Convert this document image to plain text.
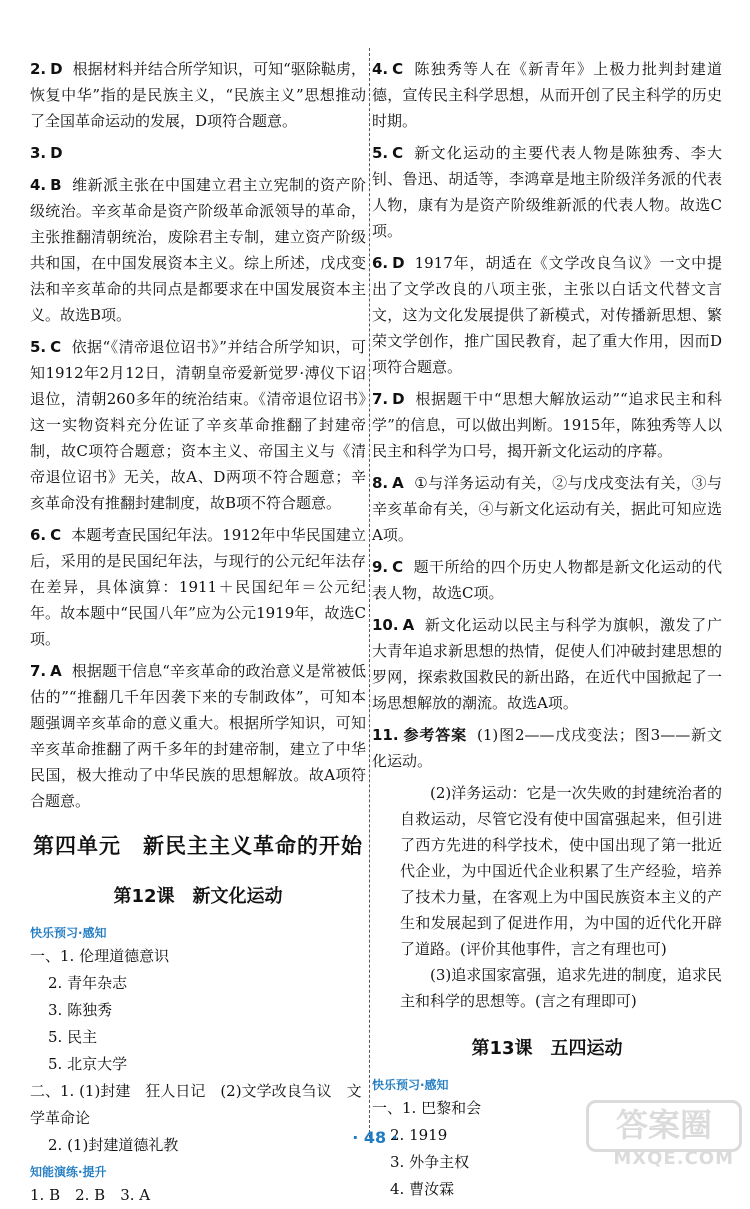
2. D 根据材料并结合所学知识，可知“驱除鞑虏，恢复中华”指的是民族主义，“民族主义”思想推动了全国革命运动的发展，D项符合题意。
3. D
4. B 维新派主张在中国建立君主立宪制的资产阶级统治。辛亥革命是资产阶级革命派领导的革命，主张推翻清朝统治，废除君主专制，建立资产阶级共和国，在中国发展资本主义。综上所述，戊戌变法和辛亥革命的共同点是都要求在中国发展资本主义。故选B项。
5. C 依据“《清帝退位诏书》”并结合所学知识，可知1912年2月12日，清朝皇帝爱新觉罗·溥仪下诏退位，清朝260多年的统治结束。《清帝退位诏书》这一实物资料充分佐证了辛亥革命推翻了封建帝制，故C项符合题意；资本主义、帝国主义与《清帝退位诏书》无关，故A、D两项不符合题意；辛亥革命没有推翻封建制度，故B项不符合题意。
6. C 本题考查民国纪年法。1912年中华民国建立后，采用的是民国纪年法，与现行的公元纪年法存在差异，具体演算：1911＋民国纪年＝公元纪年。故本题中“民国八年”应为公元1919年，故选C项。
7. A 根据题干信息“辛亥革命的政治意义是常被低估的”“推翻几千年因袭下来的专制政体”，可知本题强调辛亥革命的意义重大。根据所学知识，可知辛亥革命推翻了两千多年的封建帝制，建立了中华民国，极大推动了中华民族的思想解放。故A项符合题意。
第四单元　新民主主义革命的开始
第12课　新文化运动
快乐预习·感知
一、1. 伦理道德意识
2. 青年杂志
3. 陈独秀
5. 民主
5. 北京大学
二、1. (1)封建　狂人日记　(2)文学改良刍议　文学革命论
2. (1)封建道德礼教
知能演练·提升
1. B　2. B　3. A
4. C 陈独秀等人在《新青年》上极力批判封建道德，宣传民主科学思想，从而开创了民主科学的历史时期。
5. C 新文化运动的主要代表人物是陈独秀、李大钊、鲁迅、胡适等，李鸿章是地主阶级洋务派的代表人物，康有为是资产阶级维新派的代表人物。故选C项。
6. D 1917年，胡适在《文学改良刍议》一文中提出了文学改良的八项主张，主张以白话文代替文言文，这为文化发展提供了新模式，对传播新思想、繁荣文学创作，推广国民教育，起了重大作用，因而D项符合题意。
7. D 根据题干中“思想大解放运动”“追求民主和科学”的信息，可以做出判断。1915年，陈独秀等人以民主和科学为口号，揭开新文化运动的序幕。
8. A ①与洋务运动有关，②与戊戌变法有关，③与辛亥革命有关，④与新文化运动有关，据此可知应选A项。
9. C 题干所给的四个历史人物都是新文化运动的代表人物，故选C项。
10. A 新文化运动以民主与科学为旗帜，激发了广大青年追求新思想的热情，促使人们冲破封建思想的罗网，探索救国救民的新出路，在近代中国掀起了一场思想解放的潮流。故选A项。
11. 参考答案 (1)图2——戊戌变法；图3——新文化运动。
(2)洋务运动：它是一次失败的封建统治者的自救运动，尽管它没有使中国富强起来，但引进了西方先进的科学技术，使中国出现了第一批近代企业，为中国近代企业积累了生产经验，培养了技术力量，在客观上为中国民族资本主义的产生和发展起到了促进作用，为中国的近代化开辟了道路。(评价其他事件，言之有理也可)
(3)追求国家富强，追求先进的制度，追求民主和科学的思想等。(言之有理即可)
第13课　五四运动
快乐预习·感知
一、1. 巴黎和会
2. 1919
3. 外争主权
4. 曹汝霖
· 48 ·	答案圈
MXQE.COM
